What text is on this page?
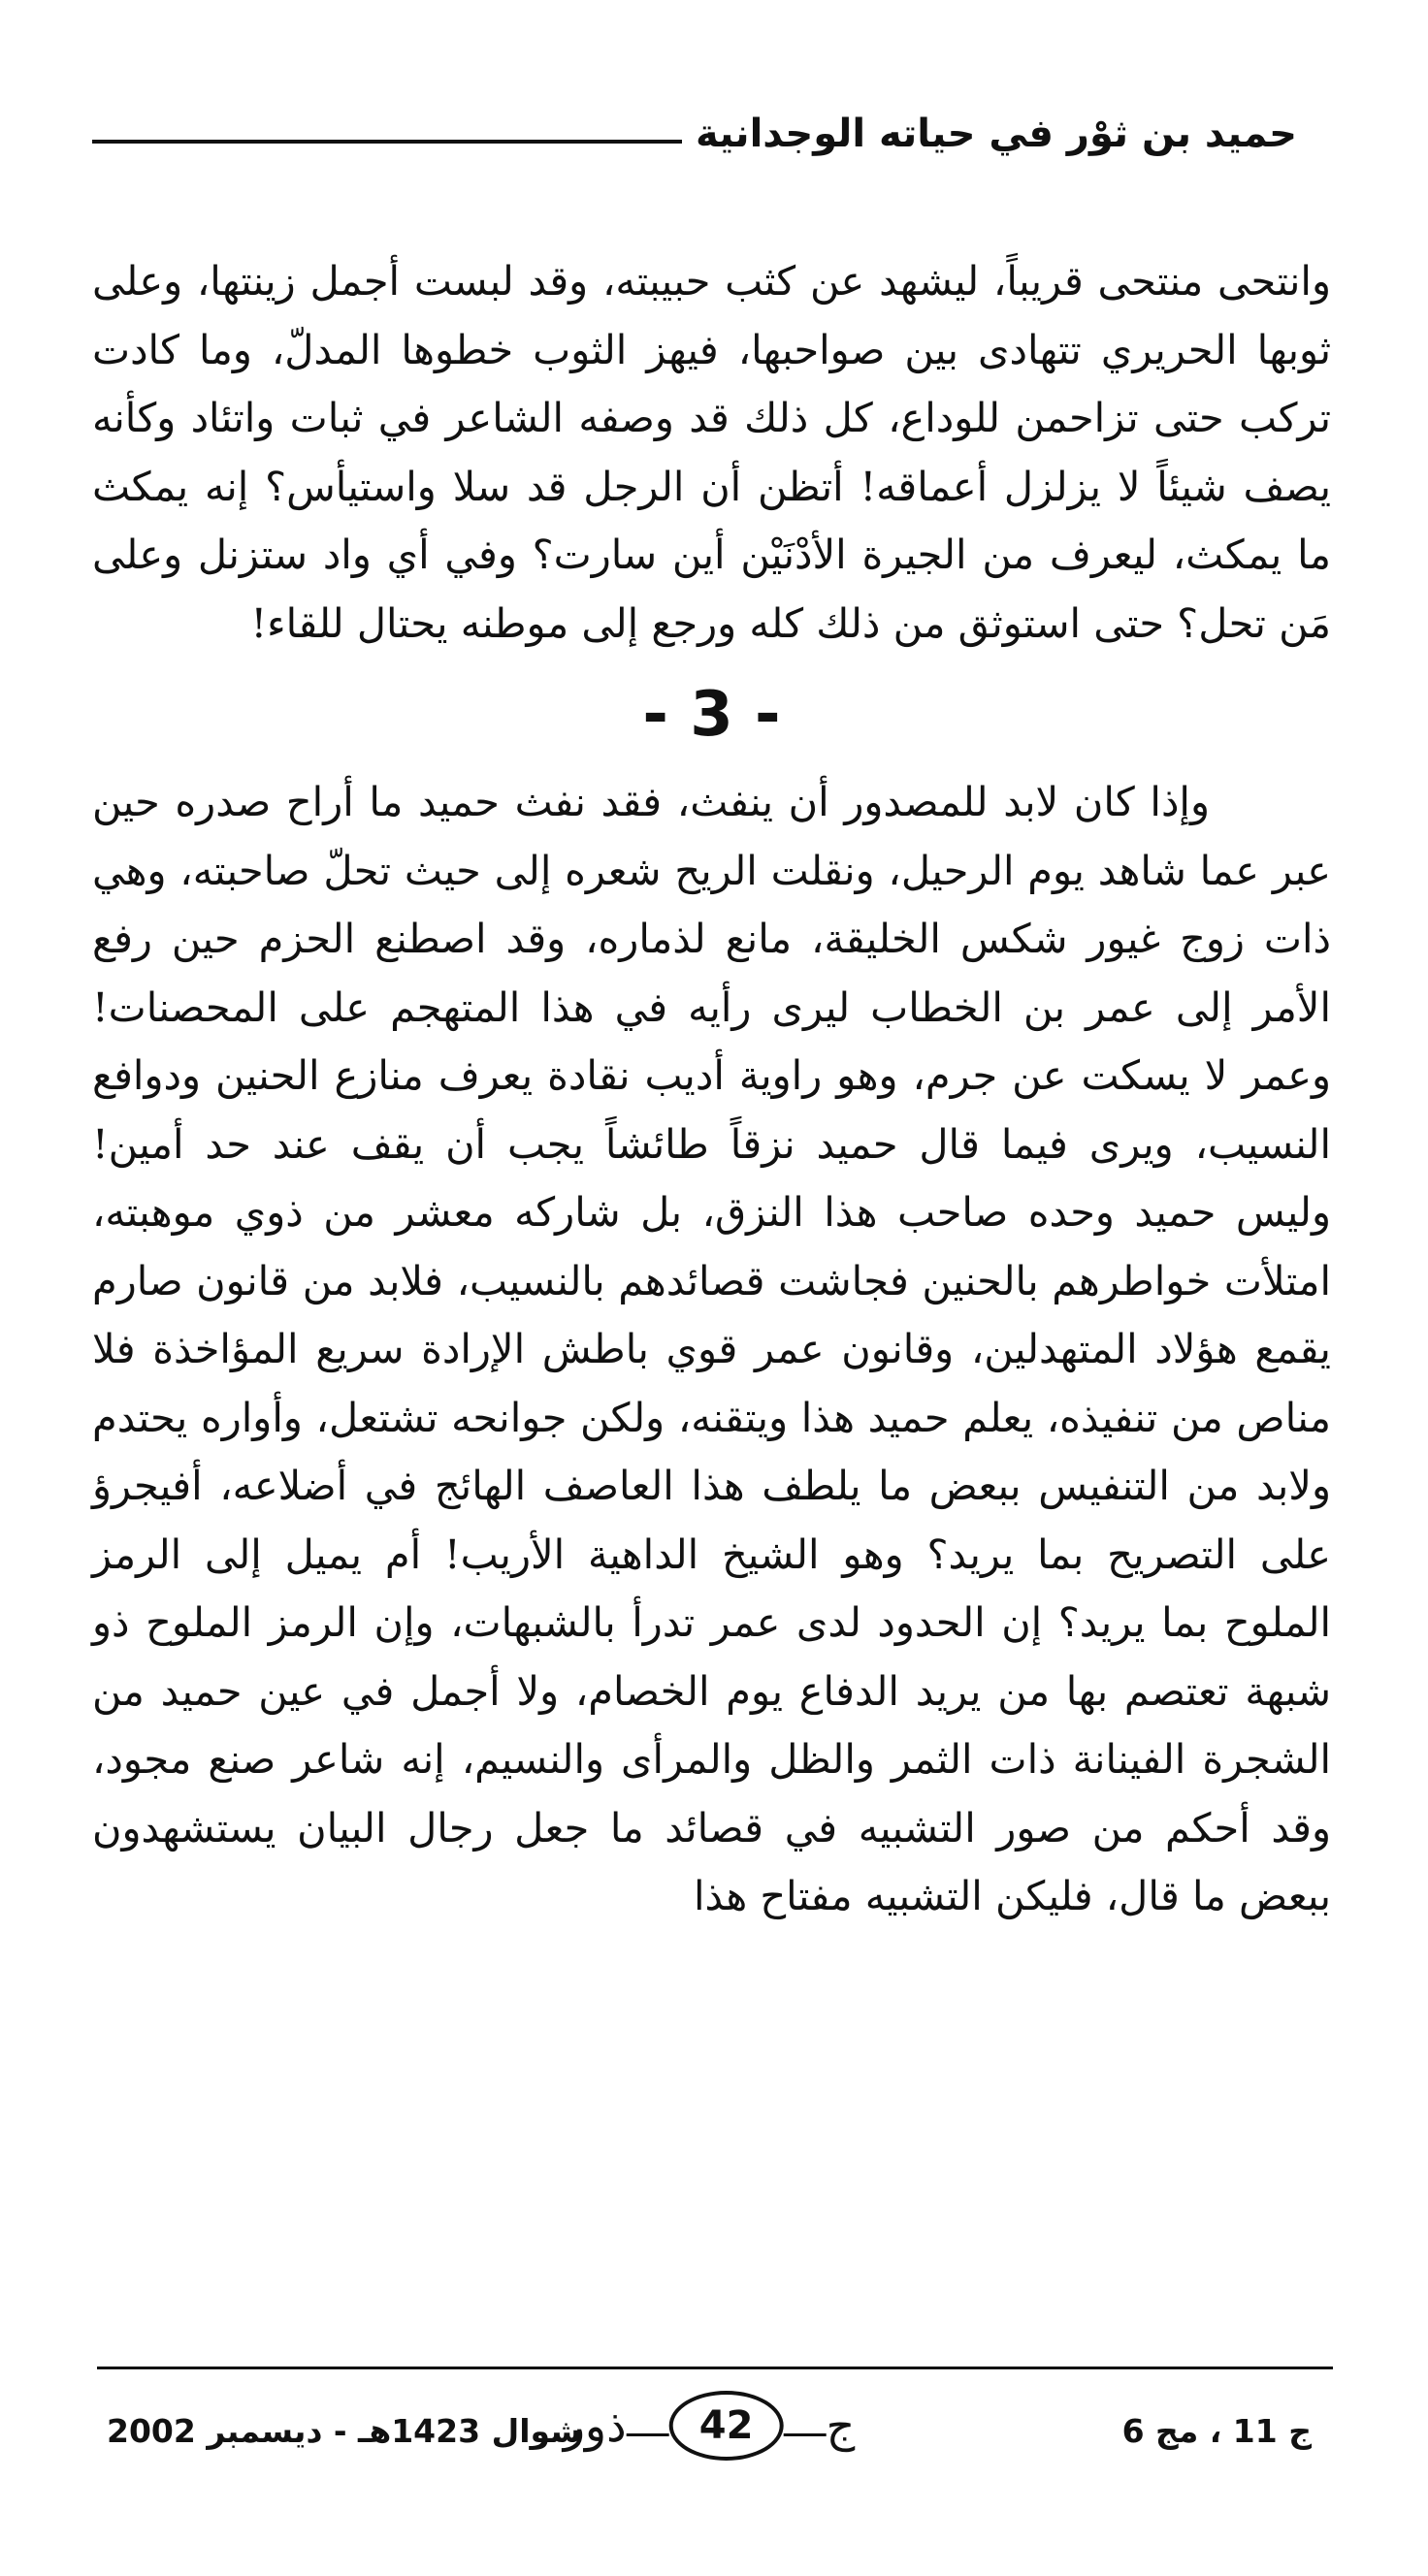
حميد بن ثوْر في حياته الوجدانية

وانتحى منتحى قريباً، ليشهد عن كثب حبيبته، وقد لبست أجمل زينتها، وعلى ثوبها الحريري تتهادى بين صواحبها، فيهز الثوب خطوها المدلّ، وما كادت تركب حتى تزاحمن للوداع، كل ذلك قد وصفه الشاعر في ثبات واتئاد وكأنه يصف شيئاً لا يزلزل أعماقه! أتظن أن الرجل قد سلا واستيأس؟ إنه يمكث ما يمكث، ليعرف من الجيرة الأدْنَيْن أين سارت؟ وفي أي واد ستزنل وعلى مَن تحل؟ حتى استوثق من ذلك كله ورجع إلى موطنه يحتال للقاء!

- 3 -

وإذا كان لابد للمصدور أن ينفث، فقد نفث حميد ما أراح صدره حين عبر عما شاهد يوم الرحيل، ونقلت الريح شعره إلى حيث تحلّ صاحبته، وهي ذات زوج غيور شكس الخليقة، مانع لذماره، وقد اصطنع الحزم حين رفع الأمر إلى عمر بن الخطاب ليرى رأيه في هذا المتهجم على المحصنات! وعمر لا يسكت عن جرم، وهو راوية أديب نقادة يعرف منازع الحنين ودوافع النسيب، ويرى فيما قال حميد نزقاً طائشاً يجب أن يقف عند حد أمين! وليس حميد وحده صاحب هذا النزق، بل شاركه معشر من ذوي موهبته، امتلأت خواطرهم بالحنين فجاشت قصائدهم بالنسيب، فلابد من قانون صارم يقمع هؤلاد المتهدلين، وقانون عمر قوي باطش الإرادة سريع المؤاخذة فلا مناص من تنفيذه، يعلم حميد هذا ويتقنه، ولكن جوانحه تشتعل، وأواره يحتدم ولابد من التنفيس ببعض ما يلطف هذا العاصف الهائج في أضلاعه، أفيجرؤ على التصريح بما يريد؟ وهو الشيخ الداهية الأريب! أم يميل إلى الرمز الملوح بما يريد؟ إن الحدود لدى عمر تدرأ بالشبهات، وإن الرمز الملوح ذو شبهة تعتصم بها من يريد الدفاع يوم الخصام، ولا أجمل في عين حميد من الشجرة الفينانة ذات الثمر والظل والمرأى والنسيم، إنه شاعر صنع مجود، وقد أحكم من صور التشبيه في قصائد ما جعل رجال البيان يستشهدون ببعض ما قال، فليكن التشبيه مفتاح هذا

ج 11 ، مج 6
ج
42
ذور
شوال 1423هـ - ديسمبر 2002
